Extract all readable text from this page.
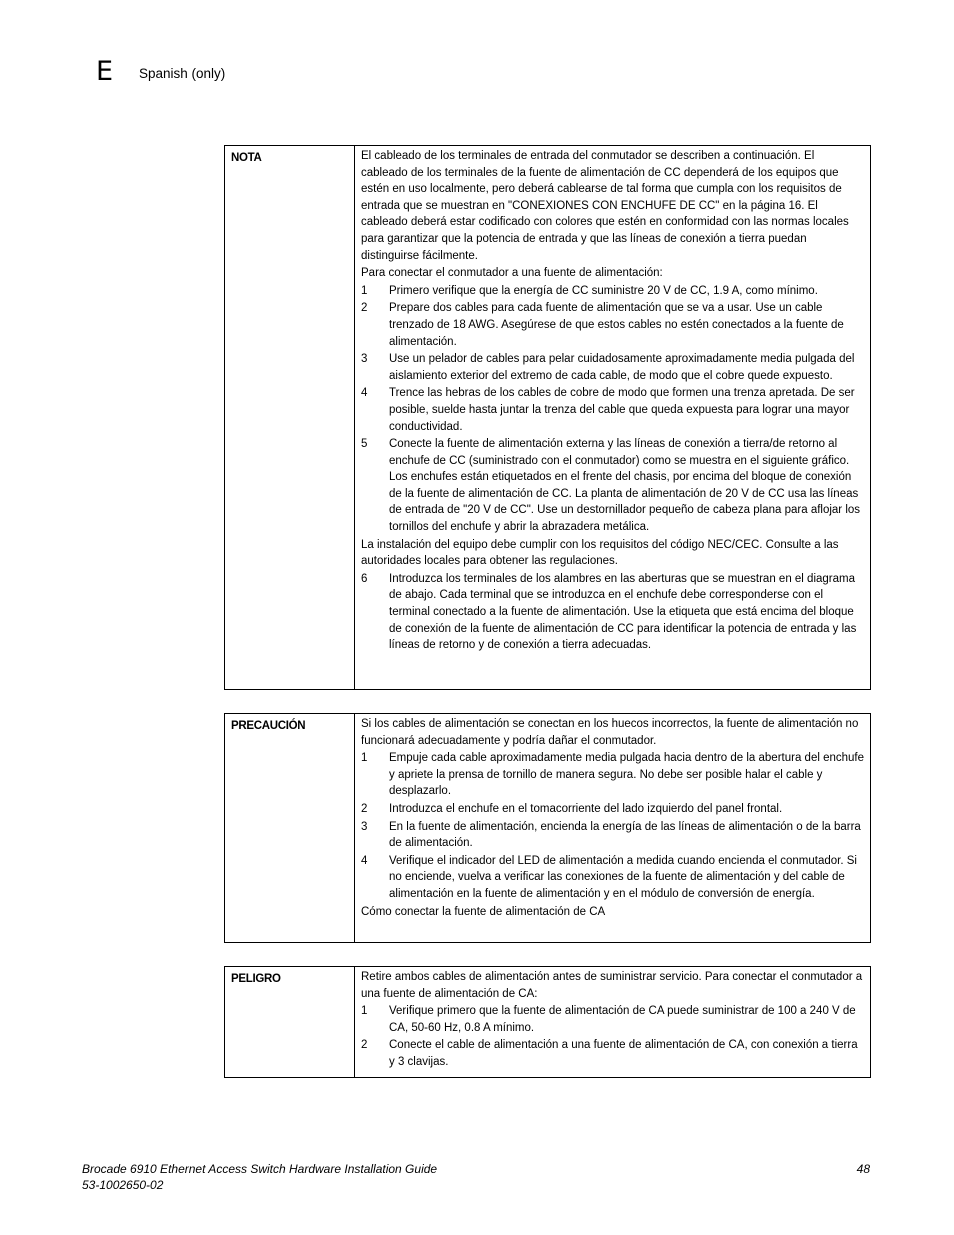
E Spanish (only)
NOTA	El cableado de los terminales de entrada del conmutador se describen a continuación. El cableado de los terminales de la fuente de alimentación de CC dependerá de los equipos que estén en uso localmente, pero deberá cablearse de tal forma que cumpla con los requisitos de entrada que se muestran en "CONEXIONES CON ENCHUFE DE CC" en la página 16. El cableado deberá estar codificado con colores que estén en conformidad con las normas locales para garantizar que la potencia de entrada y que las líneas de conexión a tierra puedan distinguirse fácilmente.

Para conectar el conmutador a una fuente de alimentación:

1	Primero verifique que la energía de CC suministre 20 V de CC, 1.9 A, como mínimo.
2	Prepare dos cables para cada fuente de alimentación que se va a usar. Use un cable trenzado de 18 AWG. Asegúrese de que estos cables no estén conectados a la fuente de alimentación.
3	Use un pelador de cables para pelar cuidadosamente aproximadamente media pulgada del aislamiento exterior del extremo de cada cable, de modo que el cobre quede expuesto.
4	Trence las hebras de los cables de cobre de modo que formen una trenza apretada. De ser posible, suelde hasta juntar la trenza del cable que queda expuesta para lograr una mayor conductividad.
5	Conecte la fuente de alimentación externa y las líneas de conexión a tierra/de retorno al enchufe de CC (suministrado con el conmutador) como se muestra en el siguiente gráfico. Los enchufes están etiquetados en el frente del chasis, por encima del bloque de conexión de la fuente de alimentación de CC. La planta de alimentación de 20 V de CC usa las líneas de entrada de "20 V de CC". Use un destornillador pequeño de cabeza plana para aflojar los tornillos del enchufe y abrir la abrazadera metálica.

La instalación del equipo debe cumplir con los requisitos del código NEC/CEC. Consulte a las autoridades locales para obtener las regulaciones.

6	Introduzca los terminales de los alambres en las aberturas que se muestran en el diagrama de abajo. Cada terminal que se introduzca en el enchufe debe corresponderse con el terminal conectado a la fuente de alimentación. Use la etiqueta que está encima del bloque de conexión de la fuente de alimentación de CC para identificar la potencia de entrada y las líneas de retorno y de conexión a tierra adecuadas.
PRECAUCIÓN	Si los cables de alimentación se conectan en los huecos incorrectos, la fuente de alimentación no funcionará adecuadamente y podría dañar el conmutador.

1	Empuje cada cable aproximadamente media pulgada hacia dentro de la abertura del enchufe y apriete la prensa de tornillo de manera segura. No debe ser posible halar el cable y desplazarlo.
2	Introduzca el enchufe en el tomacorriente del lado izquierdo del panel frontal.
3	En la fuente de alimentación, encienda la energía de las líneas de alimentación o de la barra de alimentación.
4	Verifique el indicador del LED de alimentación a medida cuando encienda el conmutador. Si no enciende, vuelva a verificar las conexiones de la fuente de alimentación y del cable de alimentación en la fuente de alimentación y en el módulo de conversión de energía.

Cómo conectar la fuente de alimentación de CA

PELIGRO	Retire ambos cables de alimentación antes de suministrar servicio. Para conectar el conmutador a una fuente de alimentación de CA:

1	Verifique primero que la fuente de alimentación de CA puede suministrar de 100 a 240 V de CA, 50-60 Hz, 0.8 A mínimo.
2	Conecte el cable de alimentación a una fuente de alimentación de CA, con conexión a tierra y 3 clavijas.
Brocade 6910 Ethernet Access Switch Hardware Installation Guide
53-1002650-02
48
